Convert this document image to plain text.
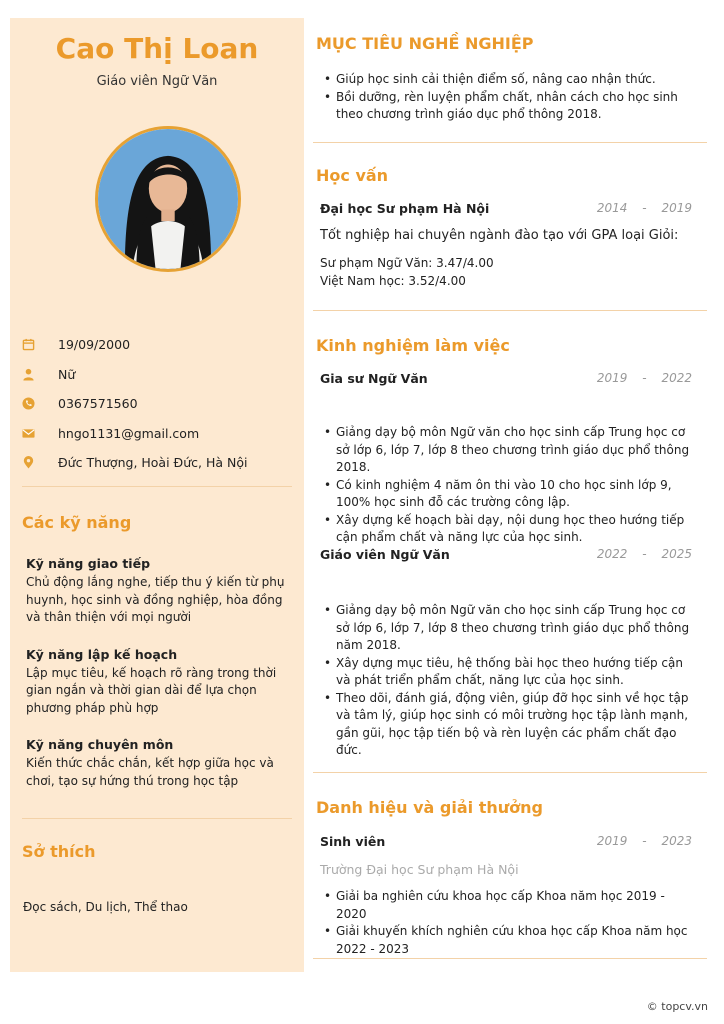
Cao Thị Loan
Giáo viên Ngữ Văn
19/09/2000
Nữ
0367571560
hngo1131@gmail.com
Đức Thượng, Hoài Đức, Hà Nội
Các kỹ năng
Kỹ năng giao tiếp
Chủ động lắng nghe, tiếp thu ý kiến từ phụ huynh, học sinh và đồng nghiệp, hòa đồng và thân thiện với mọi người
Kỹ năng lập kế hoạch
Lập mục tiêu, kế hoạch rõ ràng trong thời gian ngắn và thời gian dài để lựa chọn phương pháp phù hợp
Kỹ năng chuyên môn
Kiến thức chắc chắn, kết hợp giữa học và chơi, tạo sự hứng thú trong học tập
Sở thích
Đọc sách, Du lịch, Thể thao
MỤC TIÊU NGHỀ NGHIỆP
• Giúp học sinh cải thiện điểm số, nâng cao nhận thức.
• Bồi dưỡng, rèn luyện phẩm chất, nhân cách cho học sinh theo chương trình giáo dục phổ thông 2018.
Học vấn
Đại học Sư phạm Hà Nội	2014	-	2019
Tốt nghiệp hai chuyên ngành đào tạo với GPA loại Giỏi:
Sư phạm Ngữ Văn: 3.47/4.00
Việt Nam học: 3.52/4.00
Kinh nghiệm làm việc
Gia sư Ngữ Văn	2019	-	2022
• Giảng dạy bộ môn Ngữ văn cho học sinh cấp Trung học cơ sở lớp 6, lớp 7, lớp 8 theo chương trình giáo dục phổ thông 2018.
• Có kinh nghiệm 4 năm ôn thi vào 10 cho học sinh lớp 9, 100% học sinh đỗ các trường công lập.
• Xây dựng kế hoạch bài dạy, nội dung học theo hướng tiếp cận phẩm chất và năng lực của học sinh.
Giáo viên Ngữ Văn	2022	-	2025
• Giảng dạy bộ môn Ngữ văn cho học sinh cấp Trung học cơ sở lớp 6, lớp 7, lớp 8 theo chương trình giáo dục phổ thông năm 2018.
• Xây dựng mục tiêu, hệ thống bài học theo hướng tiếp cận và phát triển phẩm chất, năng lực của học sinh.
• Theo dõi, đánh giá, động viên, giúp đỡ học sinh về học tập và tâm lý, giúp học sinh có môi trường học tập lành mạnh, gần gũi, học tập tiến bộ và rèn luyện các phẩm chất đạo đức.
Danh hiệu và giải thưởng
Sinh viên	2019	-	2023
Trường Đại học Sư phạm Hà Nội
• Giải ba nghiên cứu khoa học cấp Khoa năm học 2019 - 2020
• Giải khuyến khích nghiên cứu khoa học cấp Khoa năm học 2022 - 2023
© topcv.vn
